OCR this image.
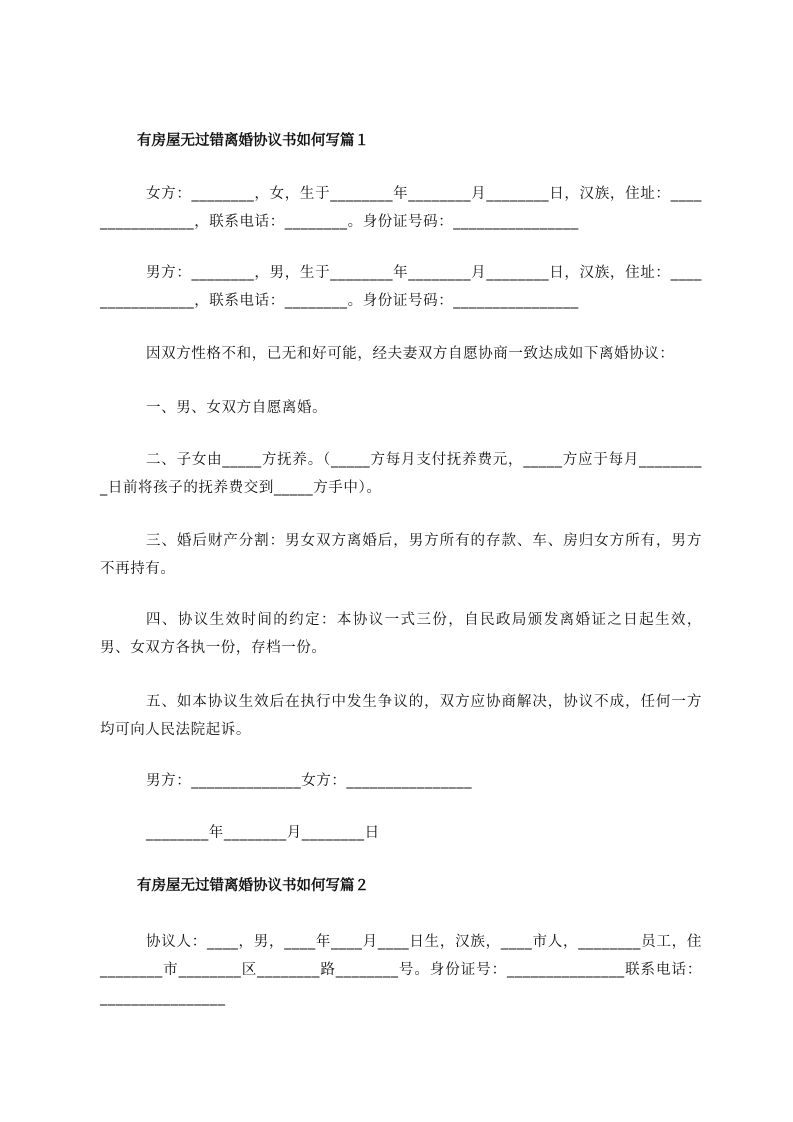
有房屋无过错离婚协议书如何写篇１
女方：________，女，生于________年________月________日，汉族，住址：________________，联系电话：________。身份证号码：________________
男方：________，男，生于________年________月________日，汉族，住址：________________，联系电话：________。身份证号码：________________
因双方性格不和，已无和好可能，经夫妻双方自愿协商一致达成如下离婚协议：
一、男、女双方自愿离婚。
二、子女由_____方抚养。（_____方每月支付抚养费元，_____方应于每月_________日前将孩子的抚养费交到_____方手中）。
三、婚后财产分割：男女双方离婚后，男方所有的存款、车、房归女方所有，男方不再持有。
四、协议生效时间的约定：本协议一式三份，自民政局颁发离婚证之日起生效，男、女双方各执一份，存档一份。
五、如本协议生效后在执行中发生争议的，双方应协商解决，协议不成，任何一方均可向人民法院起诉。
男方：______________女方：________________
________年________月________日
有房屋无过错离婚协议书如何写篇２
协议人：____，男，____年____月____日生，汉族，____市人，________员工，住________市________区________路________号。身份证号：_______________联系电话：________________
